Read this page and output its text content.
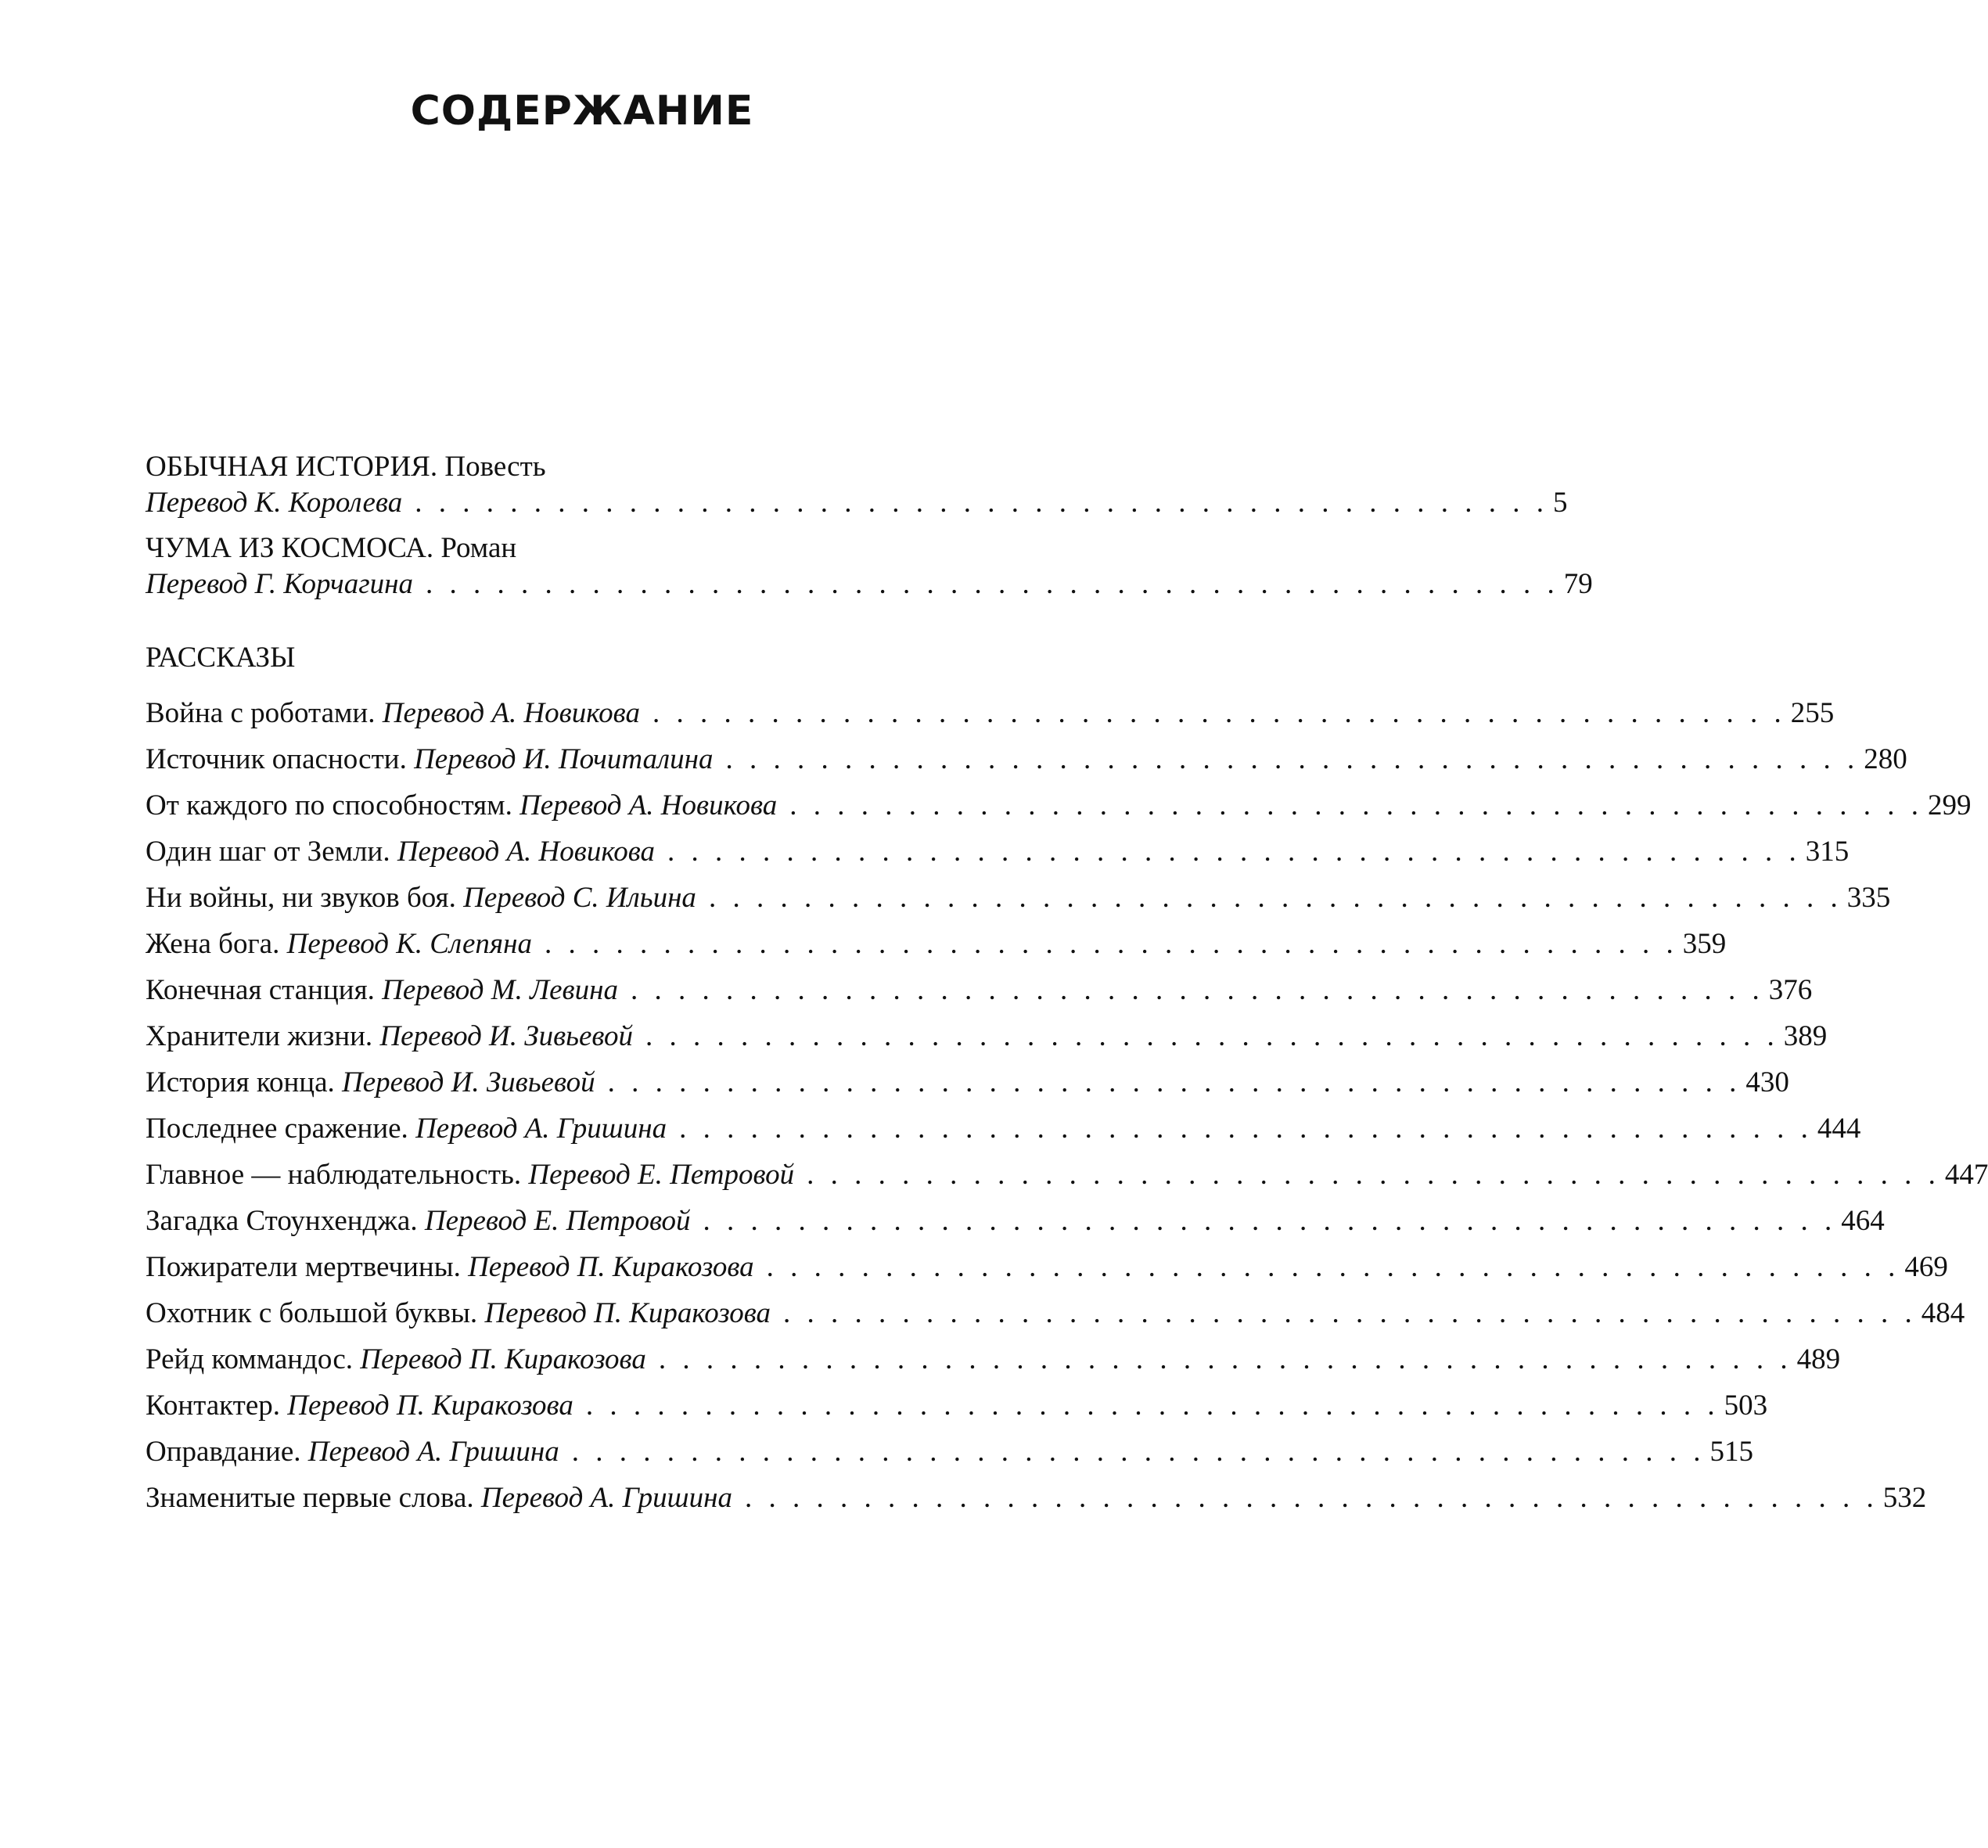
СОДЕРЖАНИЕ
ОБЫЧНАЯ ИСТОРИЯ. Повесть
Перевод К. Королева . . . . . . . . . . . . . . . . . . . . . . . . . . . . . . . . . . . . . . . . . . . . . . . . 5
ЧУМА ИЗ КОСМОСА. Роман
Перевод Г. Корчагина . . . . . . . . . . . . . . . . . . . . . . . . . . . . . . . . . . . . . . . . . . . . . . . . 79
РАССКАЗЫ
Война с роботами. Перевод А. Новикова . . . . . . . . . . . . . . . . . . . . . . . . . . . . . . . . . . . . . . . . . . . . . . . . 255
Источник опасности. Перевод И. Почиталина . . . . . . . . . . . . . . . . . . . . . . . . . . . . . . . . . . . . . . . . . . . . . . . . 280
От каждого по способностям. Перевод А. Новикова . . . . . . . . . . . . . . . . . . . . . . . . . . . . . . . . . . . . . . . . . . . . . . . . 299
Один шаг от Земли. Перевод А. Новикова . . . . . . . . . . . . . . . . . . . . . . . . . . . . . . . . . . . . . . . . . . . . . . . . 315
Ни войны, ни звуков боя. Перевод С. Ильина . . . . . . . . . . . . . . . . . . . . . . . . . . . . . . . . . . . . . . . . . . . . . . . . 335
Жена бога. Перевод К. Слепяна . . . . . . . . . . . . . . . . . . . . . . . . . . . . . . . . . . . . . . . . . . . . . . . . 359
Конечная станция. Перевод М. Левина . . . . . . . . . . . . . . . . . . . . . . . . . . . . . . . . . . . . . . . . . . . . . . . . 376
Хранители жизни. Перевод И. Зивьевой . . . . . . . . . . . . . . . . . . . . . . . . . . . . . . . . . . . . . . . . . . . . . . . . 389
История конца. Перевод И. Зивьевой . . . . . . . . . . . . . . . . . . . . . . . . . . . . . . . . . . . . . . . . . . . . . . . . 430
Последнее сражение. Перевод А. Гришина . . . . . . . . . . . . . . . . . . . . . . . . . . . . . . . . . . . . . . . . . . . . . . . . 444
Главное — наблюдательность. Перевод Е. Петровой . . . . . . . . . . . . . . . . . . . . . . . . . . . . . . . . . . . . . . . . . . . . . . . . 447
Загадка Стоунхенджа. Перевод Е. Петровой . . . . . . . . . . . . . . . . . . . . . . . . . . . . . . . . . . . . . . . . . . . . . . . . 464
Пожиратели мертвечины. Перевод П. Киракозова . . . . . . . . . . . . . . . . . . . . . . . . . . . . . . . . . . . . . . . . . . . . . . . . 469
Охотник с большой буквы. Перевод П. Киракозова . . . . . . . . . . . . . . . . . . . . . . . . . . . . . . . . . . . . . . . . . . . . . . . . 484
Рейд коммандос. Перевод П. Киракозова . . . . . . . . . . . . . . . . . . . . . . . . . . . . . . . . . . . . . . . . . . . . . . . . 489
Контактер. Перевод П. Киракозова . . . . . . . . . . . . . . . . . . . . . . . . . . . . . . . . . . . . . . . . . . . . . . . . 503
Оправдание. Перевод А. Гришина . . . . . . . . . . . . . . . . . . . . . . . . . . . . . . . . . . . . . . . . . . . . . . . . 515
Знаменитые первые слова. Перевод А. Гришина . . . . . . . . . . . . . . . . . . . . . . . . . . . . . . . . . . . . . . . . . . . . . . . . 532
